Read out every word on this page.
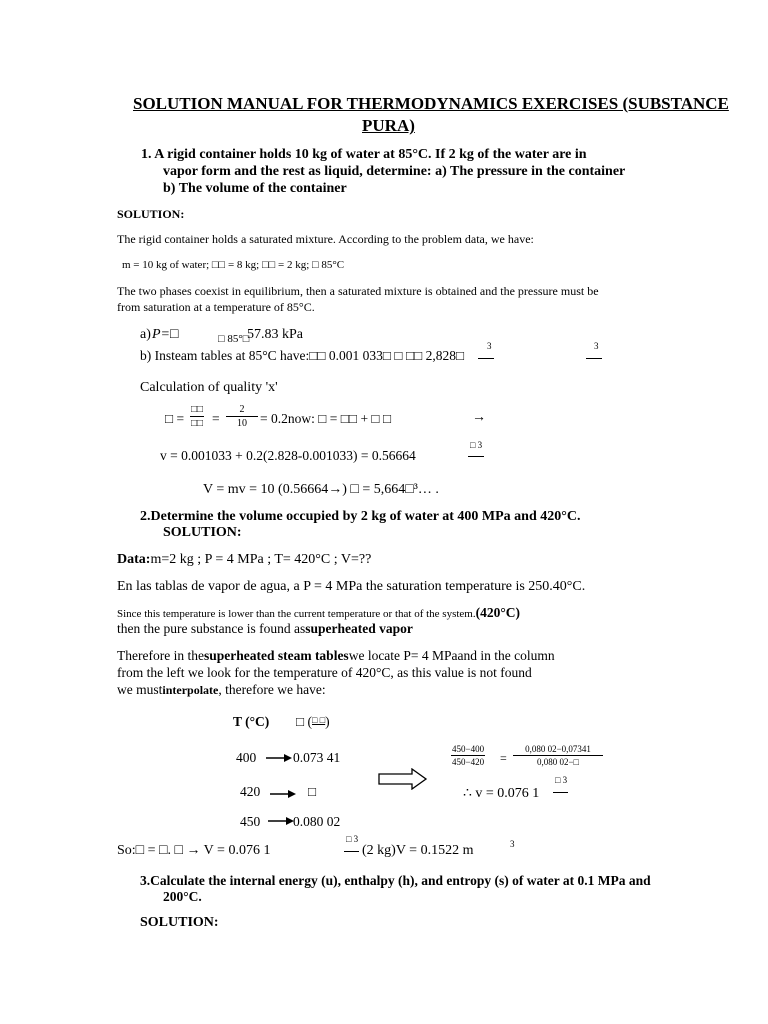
SOLUTION MANUAL FOR THERMODYNAMICS EXERCISES (SUBSTANCE
PURA)
1. A rigid container holds 10 kg of water at 85°C. If 2 kg of the water are in
vapor form and the rest as liquid, determine: a) The pressure in the container
b) The volume of the container
SOLUTION:
The rigid container holds a saturated mixture. According to the problem data, we have:
m = 10 kg of water; □□ = 8 kg; □□ = 2 kg; □ 85°C
The two phases coexist in equilibrium, then a saturated mixture is obtained and the pressure must be
from saturation at a temperature of 85°C.
a) P=□	□ 85°□
57.83 kPa
b) Insteam tables at 85°C have:□□ 0.001 033□ □ □□ 2,828□
3	3
Calculation of quality 'x'
□ =
□□
□□ = $\frac{2}{10} = 0.2now$: □ = □□ + □ □	→
v = 0.001033 + 0.2(2.828-0.001033) = 0.56664
□ 3
V = mv = 10 (0.56664→) □ = 5,664□³… .
2.Determine the volume occupied by 2 kg of water at 400 MPa and 420°C.
SOLUTION:
Data:m=2 kg ; P = 4 MPa ; T= 420°C ; V=??
En las tablas de vapor de agua, a P = 4 MPa the saturation temperature is 250.40°C.
Since this temperature is lower than the current temperature or that of the system.(420°C)
then the pure substance is found assuperheated vapor
Therefore in thesuperheated steam tableswe locate P= 4 MPaand in the column
from the left we look for the temperature of 420°C, as this value is not found
we mustinterpolate, therefore we have:
T (°C) □ (□ □)
400	0.073 41
420	□
450 0.080 02
$\frac{450-400}{450-420} = \frac{0,080 02-0,07341}{0,080 02-□}$
∴ v = 0.076 1
□ 3
So:□ = □. □ → V = 0.076 1
□ 3
(2 kg)V = 0.1522 m	3
3.Calculate the internal energy (u), enthalpy (h), and entropy (s) of water at 0.1 MPa and
200°C.
SOLUTION:
